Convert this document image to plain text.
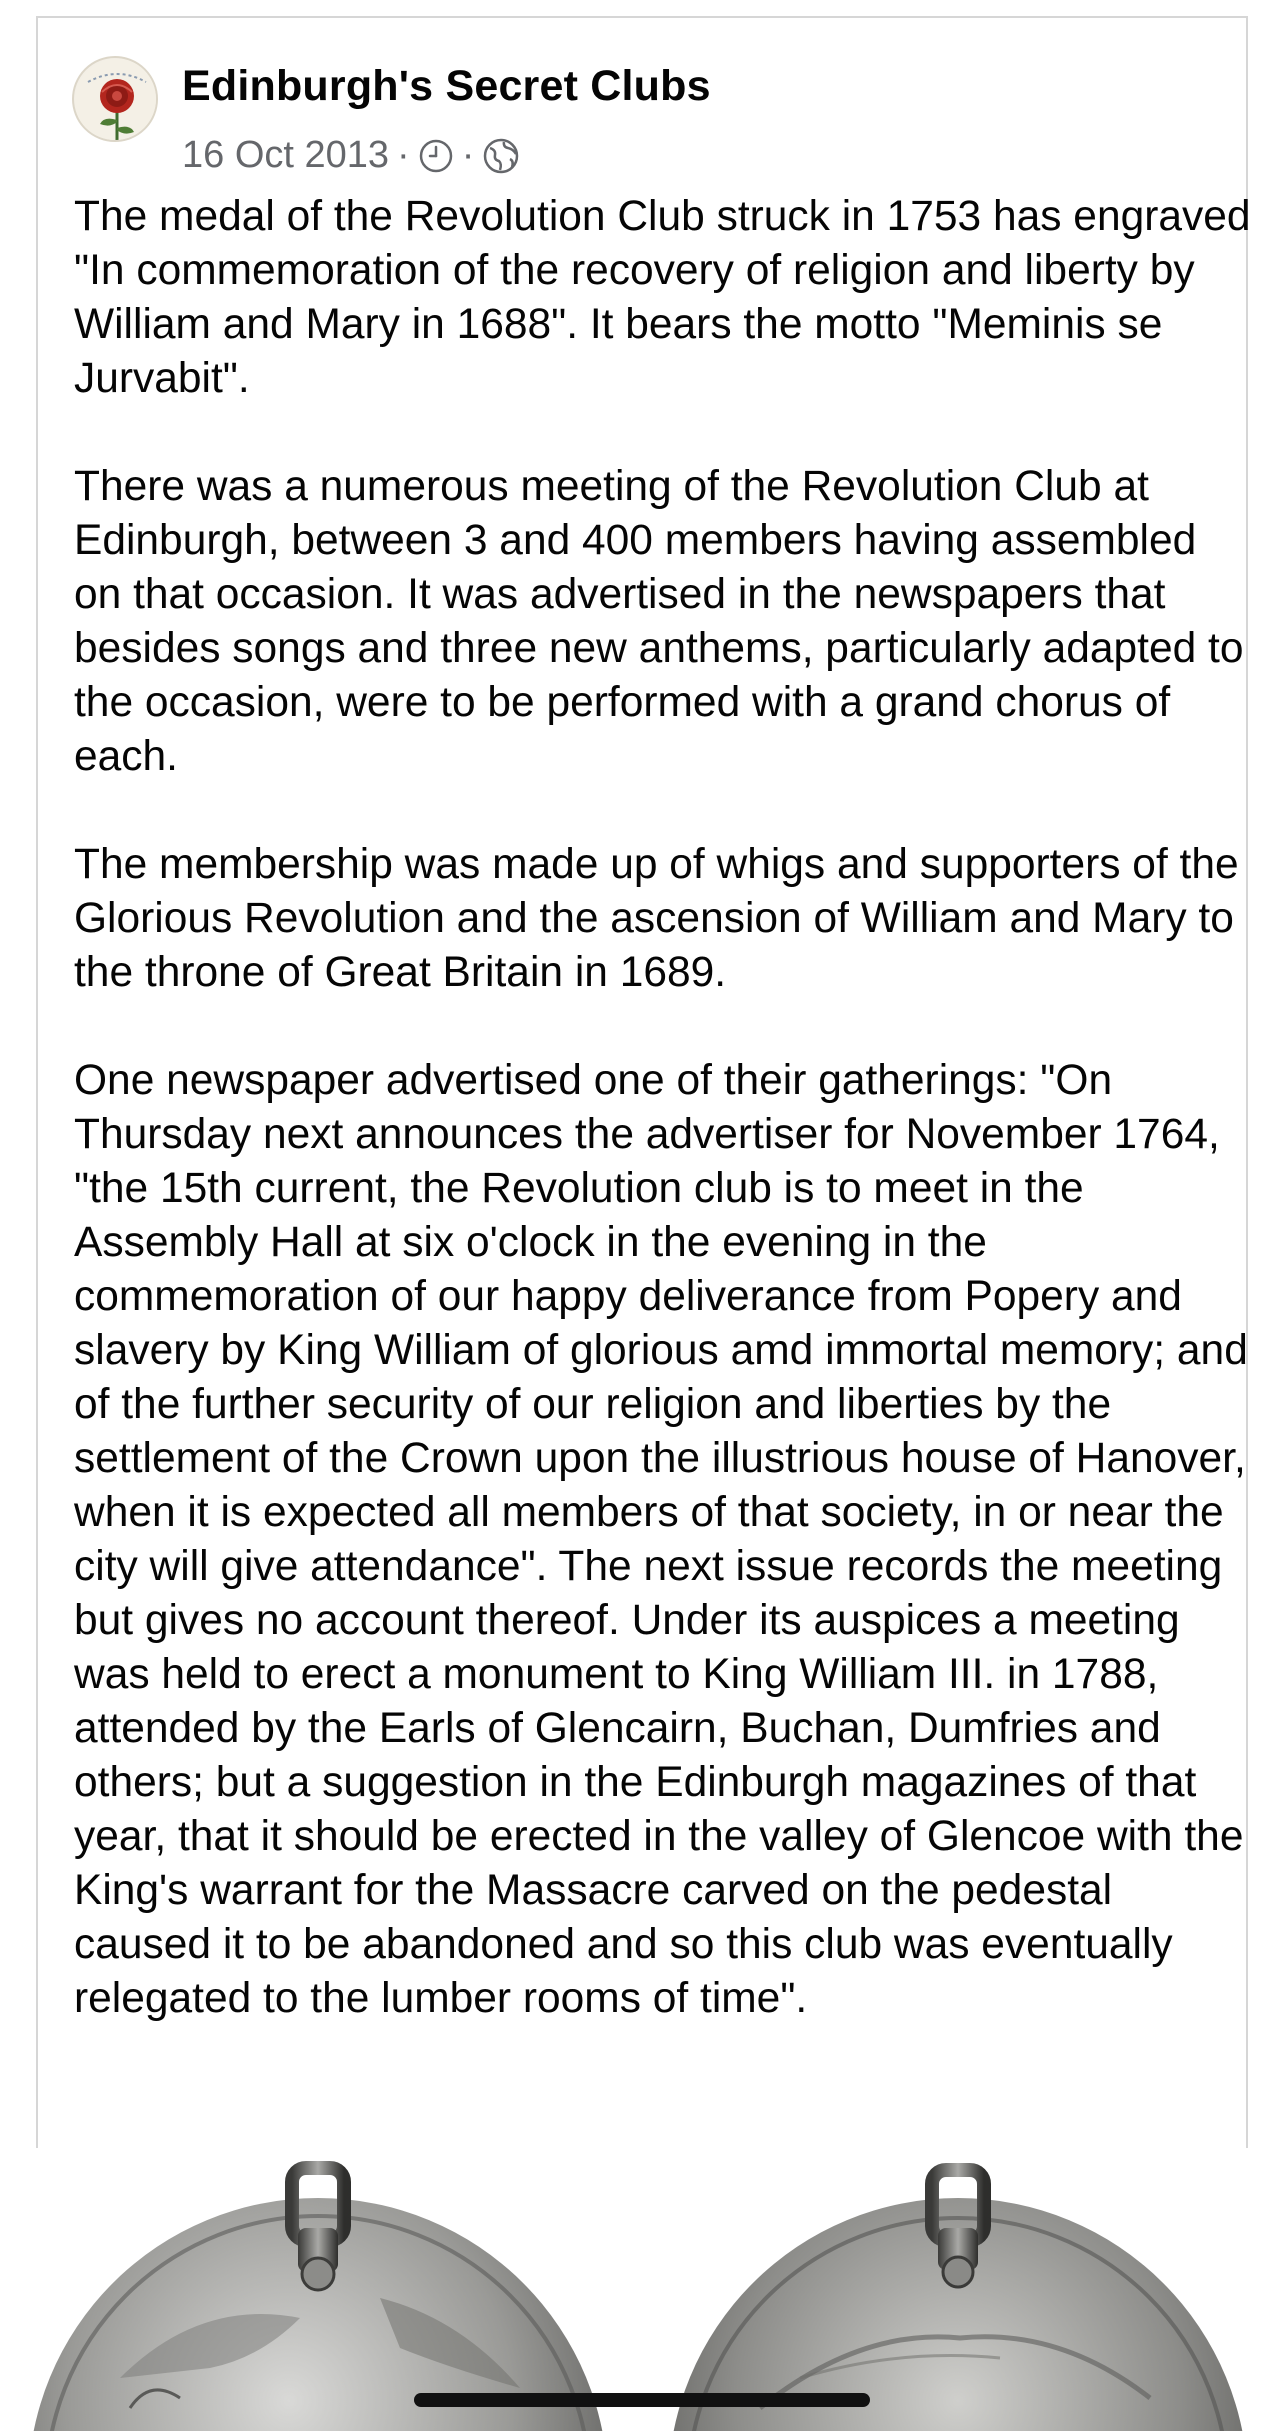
Edinburgh's Secret Clubs
16 Oct 2013 · ·

The medal of the Revolution Club struck in 1753 has engraved "In commemoration of the recovery of religion and liberty by William and Mary in 1688". It bears the motto "Meminis se Jurvabit".

There was a numerous meeting of the Revolution Club at Edinburgh, between 3 and 400 members having assembled on that occasion. It was advertised in the newspapers that besides songs and three new anthems, particularly adapted to the occasion, were to be performed with a grand chorus of each.

The membership was made up of whigs and supporters of the Glorious Revolution and the ascension of William and Mary to the throne of Great Britain in 1689.

One newspaper advertised one of their gatherings: "On Thursday next announces the advertiser for November 1764, "the 15th current, the Revolution club is to meet in the Assembly Hall at six o'clock in the evening in the commemoration of our happy deliverance from Popery and slavery by King William of glorious amd immortal memory; and of the further security of our religion and liberties by the settlement of the Crown upon the illustrious house of Hanover, when it is expected all members of that society, in or near the city will give attendance". The next issue records the meeting but gives no account thereof. Under its auspices a meeting was held to erect a monument to King William III. in 1788, attended by the Earls of Glencairn, Buchan, Dumfries and others; but a suggestion in the Edinburgh magazines of that year, that it should be erected in the valley of Glencoe with the King's warrant for the Massacre carved on the pedestal caused it to be abandoned and so this club was eventually relegated to the lumber rooms of time".
